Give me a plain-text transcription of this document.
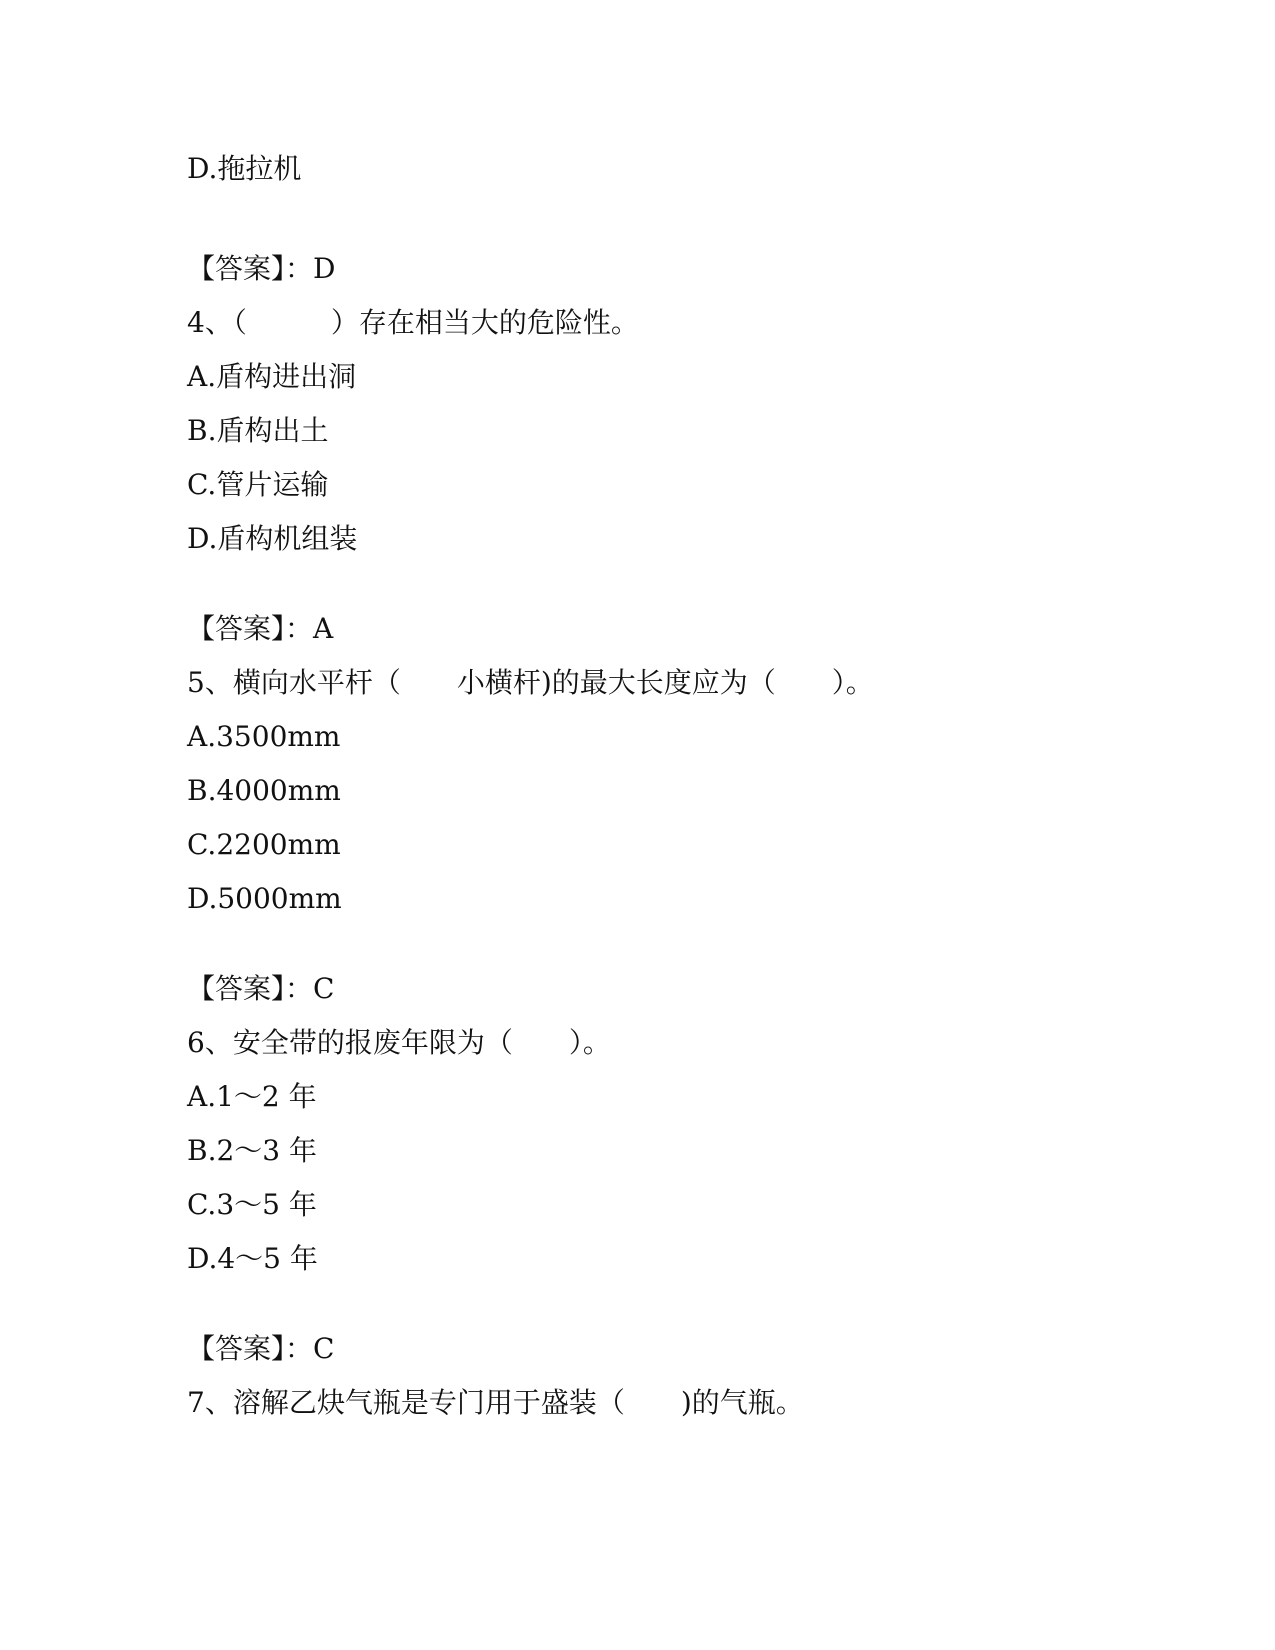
D.拖拉机
【答案】：D
4、（　　　）存在相当大的危险性。
A.盾构进出洞
B.盾构出土
C.管片运输
D.盾构机组装
【答案】：A
5、横向水平杆（　　小横杆)的最大长度应为（　　）。
A.3500mm
B.4000mm
C.2200mm
D.5000mm
【答案】：C
6、安全带的报废年限为（　　）。
A.1～2 年
B.2～3 年
C.3～5 年
D.4～5 年
【答案】：C
7、溶解乙炔气瓶是专门用于盛装（　　)的气瓶。
